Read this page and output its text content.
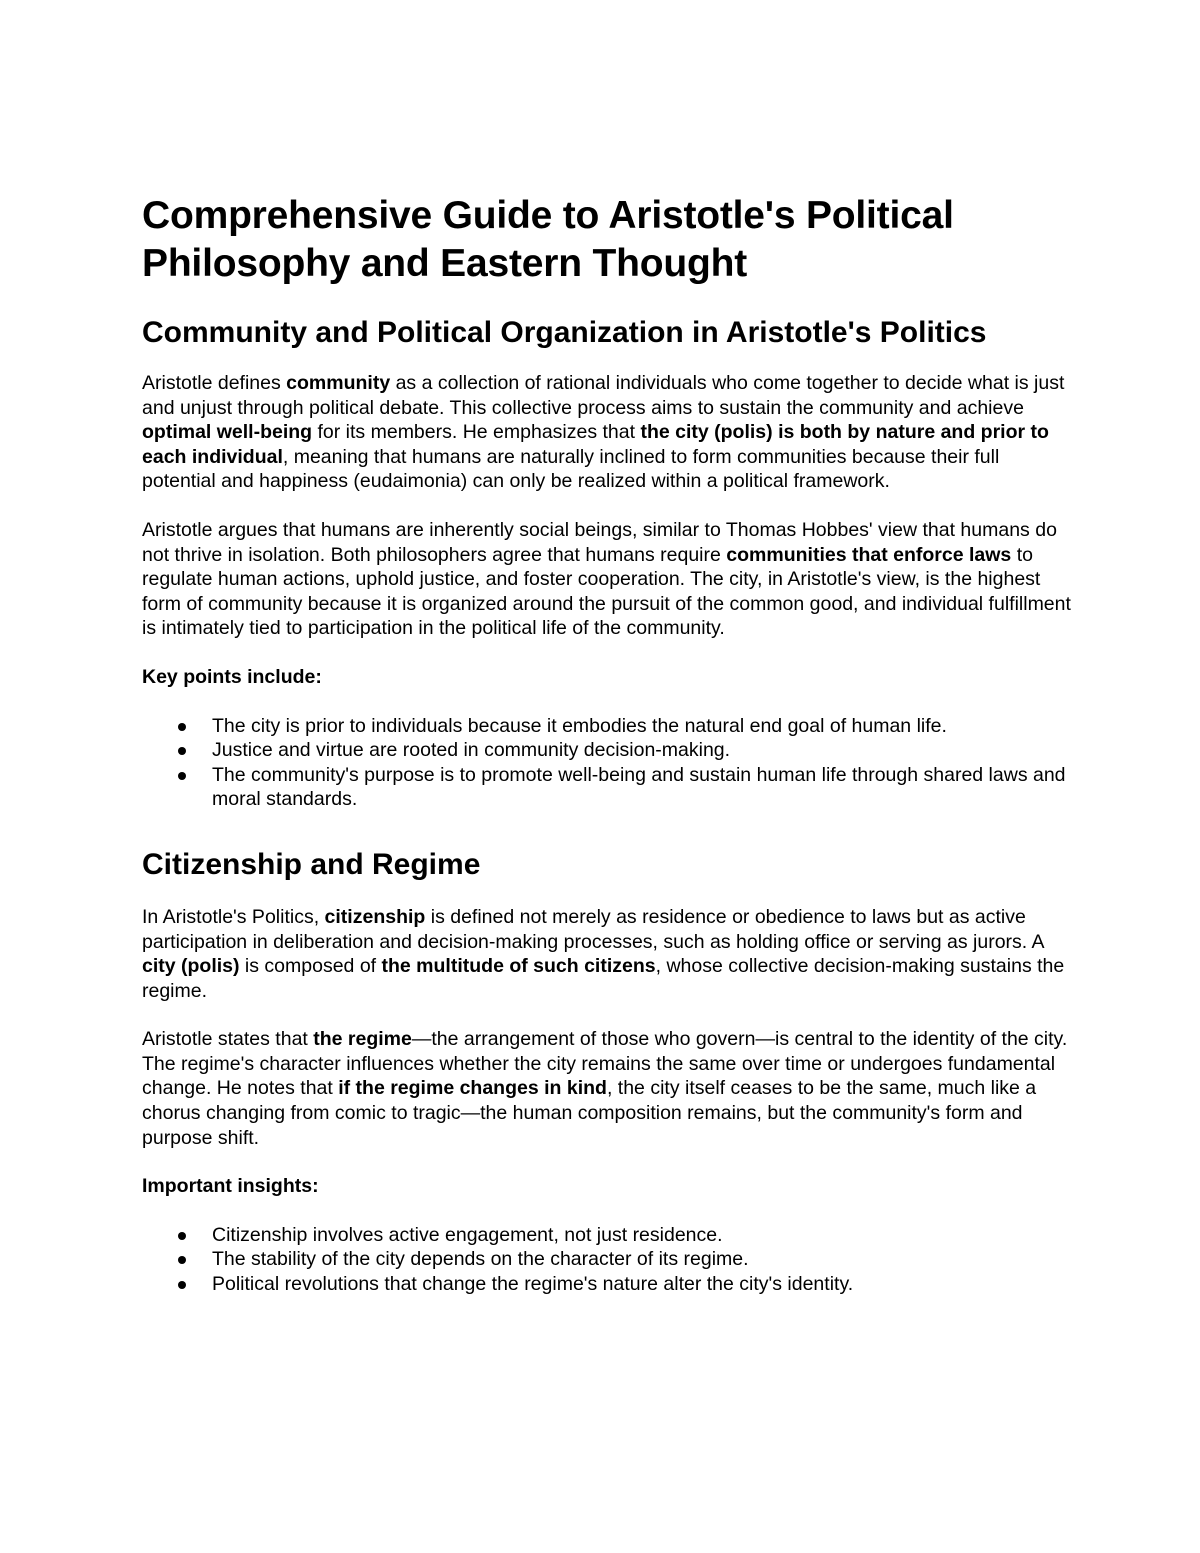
Comprehensive Guide to Aristotle's Political Philosophy and Eastern Thought
Community and Political Organization in Aristotle's Politics

Aristotle defines community as a collection of rational individuals who come together to decide what is just and unjust through political debate. This collective process aims to sustain the community and achieve optimal well-being for its members. He emphasizes that the city (polis) is both by nature and prior to each individual, meaning that humans are naturally inclined to form communities because their full potential and happiness (eudaimonia) can only be realized within a political framework.

Aristotle argues that humans are inherently social beings, similar to Thomas Hobbes' view that humans do not thrive in isolation. Both philosophers agree that humans require communities that enforce laws to regulate human actions, uphold justice, and foster cooperation. The city, in Aristotle's view, is the highest form of community because it is organized around the pursuit of the common good, and individual fulfillment is intimately tied to participation in the political life of the community.

Key points include:
The city is prior to individuals because it embodies the natural end goal of human life.
Justice and virtue are rooted in community decision-making.
The community's purpose is to promote well-being and sustain human life through shared laws and moral standards.
Citizenship and Regime

In Aristotle's Politics, citizenship is defined not merely as residence or obedience to laws but as active participation in deliberation and decision-making processes, such as holding office or serving as jurors. A city (polis) is composed of the multitude of such citizens, whose collective decision-making sustains the regime.

Aristotle states that the regime—the arrangement of those who govern—is central to the identity of the city. The regime's character influences whether the city remains the same over time or undergoes fundamental change. He notes that if the regime changes in kind, the city itself ceases to be the same, much like a chorus changing from comic to tragic—the human composition remains, but the community's form and purpose shift.

Important insights:
Citizenship involves active engagement, not just residence.
The stability of the city depends on the character of its regime.
Political revolutions that change the regime's nature alter the city's identity.
